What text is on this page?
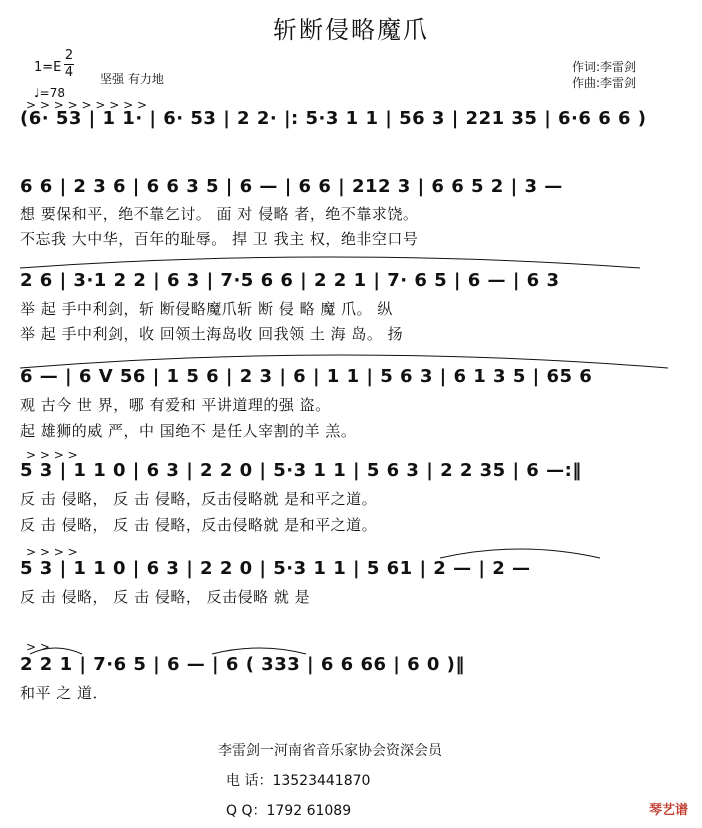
斩断侵略魔爪
1=E
2
4
♩=78
坚强 有力地
作词:李雷剑
作曲:李雷剑
> > > > > > > > >
(6· 53 | 1 1· | 6· 53 | 2 2· |: 5·3 1 1 | 56 3 | 221 35 | 6·6 6 6 )
6 6 | 2 3 6 | 6 6 3 5 | 6 — | 6 6 | 212 3 | 6 6 5 2 | 3 —
想 要保和平，绝不靠乞讨。 面 对 侵略 者，绝不靠求饶。
不忘我 大中华，百年的耻辱。 捍 卫 我主 权，绝非空口号
2 6 | 3·1 2 2 | 6 3 | 7·5 6 6 | 2 2 1 | 7· 6 5 | 6 — | 6 3
举 起 手中利剑，斩 断侵略魔爪斩 断 侵 略 魔 爪。 纵
举 起 手中利剑，收 回领土海岛收 回我领 土 海 岛。 扬
6 — | 6 V 56 | 1 5 6 | 2 3 | 6 | 1 1 | 5 6 3 | 6 1 3 5 | 65 6
观 古今 世 界，哪 有爱和 平讲道理的强 盗。
起 雄狮的威 严，中 国绝不 是任人宰割的羊 羔。
> > > >
5 3 | 1 1 0 | 6 3 | 2 2 0 | 5·3 1 1 | 5 6 3 | 2 2 35 | 6 —:‖
反 击 侵略， 反 击 侵略，反击侵略就 是和平之道。
反 击 侵略， 反 击 侵略，反击侵略就 是和平之道。
> > > >
5 3 | 1 1 0 | 6 3 | 2 2 0 | 5·3 1 1 | 5 61 | 2 — | 2 —
反 击 侵略， 反 击 侵略， 反击侵略 就 是
> >
2 2 1 | 7·6 5 | 6 — | 6 ( 333 | 6 6 66 | 6 0 )‖
和平 之 道．
李雷剑一河南省音乐家协会资深会员
电 话：13523441870
Q Q：1792 61089	琴艺谱
